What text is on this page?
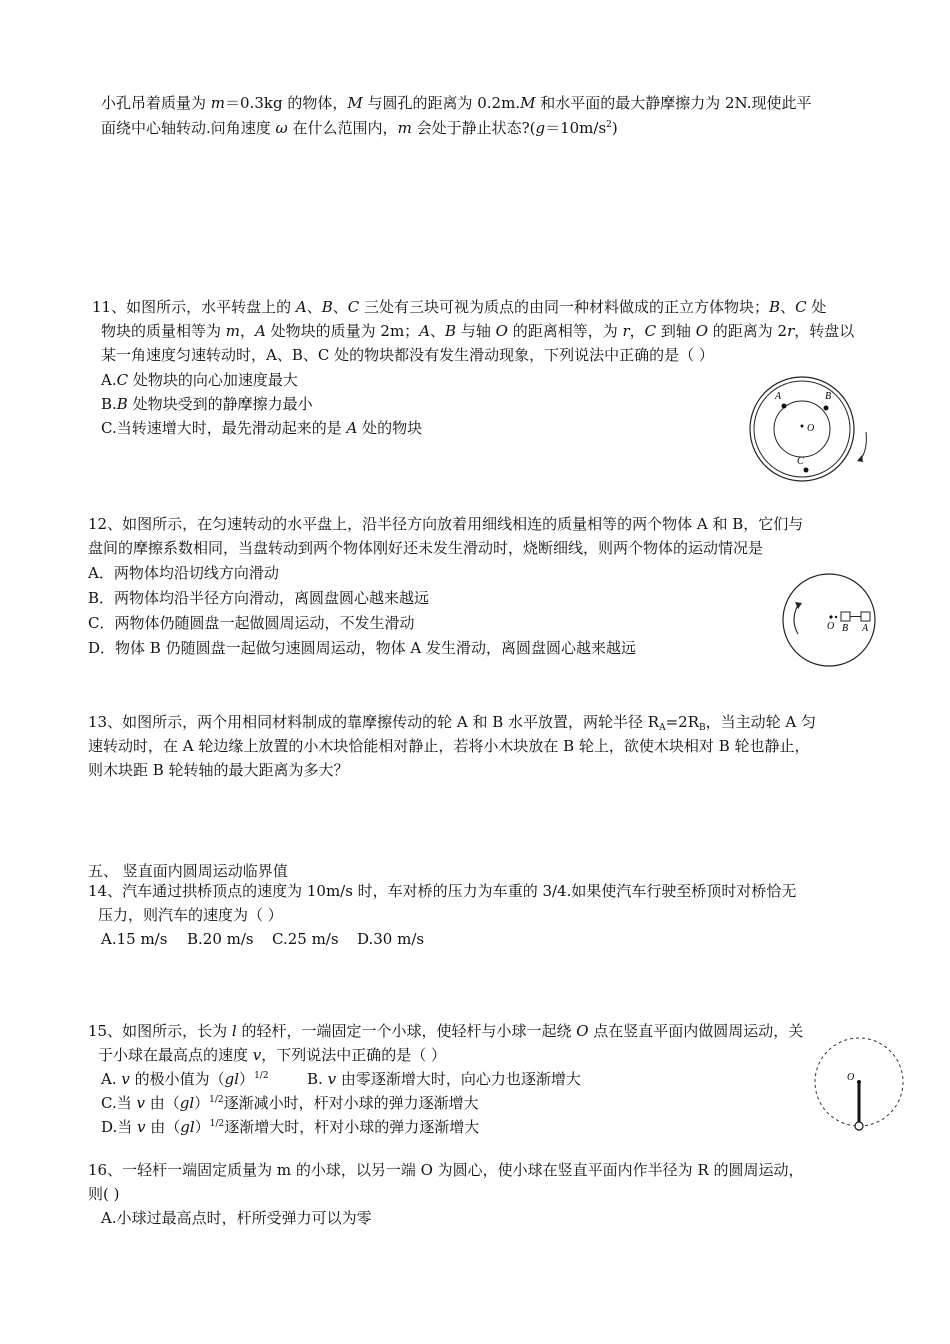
小孔吊着质量为 m＝0.3kg 的物体，M 与圆孔的距离为 0.2m.M 和水平面的最大静摩擦力为 2N.现使此平
面绕中心轴转动.问角速度 ω 在什么范围内，m 会处于静止状态$?(g=10m/s^2)$
11、如图所示，水平转盘上的 A、B、C 三处有三块可视为质点的由同一种材料做成的正立方体物块；B、C 处
物块的质量相等为 m，A 处物块的质量为 2m；A、B 与轴 O 的距离相等，为 r，C 到轴 O 的距离为 2r，转盘以
某一角速度匀速转动时，A、B、C 处的物块都没有发生滑动现象，下列说法中正确的是（ ）
A.C 处物块的向心加速度最大
B.B 处物块受到的静摩擦力最小
C.当转速增大时，最先滑动起来的是 A 处的物块
A	B
O
C
12、如图所示，在匀速转动的水平盘上，沿半径方向放着用细线相连的质量相等的两个物体 A 和 B，它们与
盘间的摩擦系数相同，当盘转动到两个物体刚好还未发生滑动时，烧断细线，则两个物体的运动情况是
A．两物体均沿切线方向滑动
B．两物体均沿半径方向滑动，离圆盘圆心越来越远
C．两物体仍随圆盘一起做圆周运动，不发生滑动
D．物体 B 仍随圆盘一起做匀速圆周运动，物体 A 发生滑动，离圆盘圆心越来越远
O B A
13、如图所示，两个用相同材料制成的靠摩擦传动的轮 A 和 B 水平放置，两轮半径 $R_A=2R_B$，当主动轮 A 匀
速转动时，在 A 轮边缘上放置的小木块恰能相对静止，若将小木块放在 B 轮上，欲使木块相对 B 轮也静止，
则木块距 B 轮转轴的最大距离为多大？
五、 竖直面内圆周运动临界值
14、汽车通过拱桥顶点的速度为 10m/s 时，车对桥的压力为车重的 3/4.如果使汽车行驶至桥顶时对桥恰无
压力，则汽车的速度为（ ）
A.15 m/s B.20 m/s C.25 m/s D.30 m/s
15、如图所示，长为 l 的轻杆，一端固定一个小球，使轻杆与小球一起绕 O 点在竖直平面内做圆周运动，关
于小球在最高点的速度 v，下列说法中正确的是（ ）
A. v 的极小值为（gl）$^{1/2}$	B. v 由零逐渐增大时，向心力也逐渐增大
C.当 v 由（gl）$^{1/2}$逐渐减小时，杆对小球的弹力逐渐增大
D.当 v 由（gl）$^{1/2}$逐渐增大时，杆对小球的弹力逐渐增大
O
16、一轻杆一端固定质量为 m 的小球，以另一端 O 为圆心，使小球在竖直平面内作半径为 R 的圆周运动，
则( )
A.小球过最高点时，杆所受弹力可以为零
